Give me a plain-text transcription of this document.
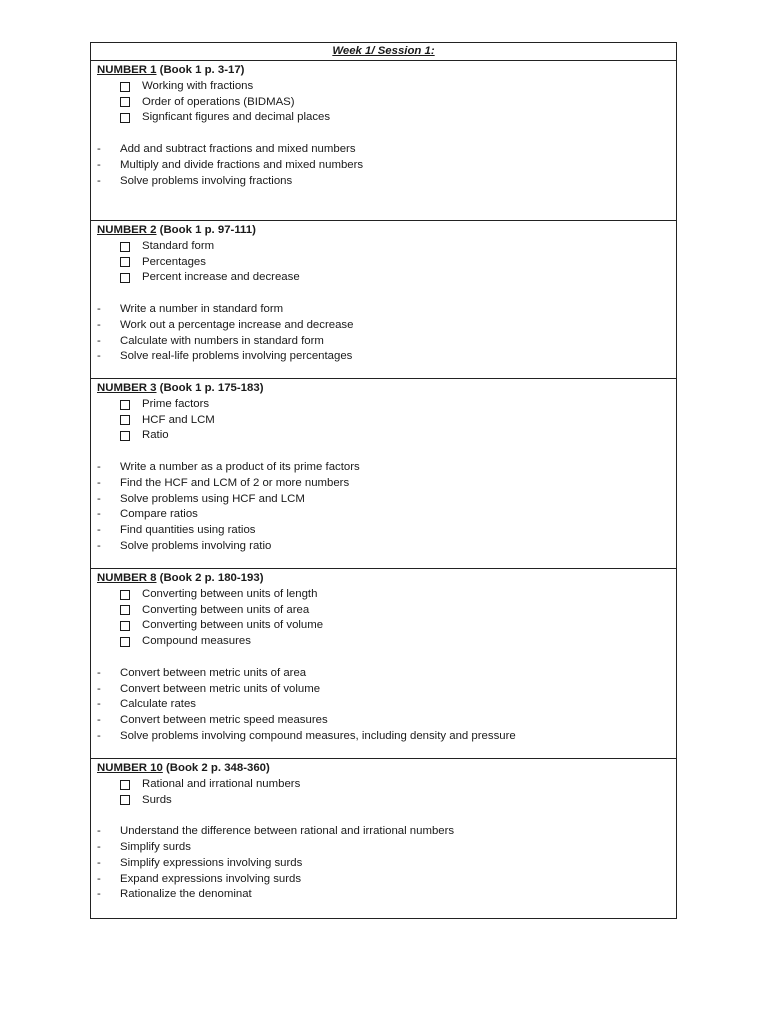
Week 1/ Session 1:
NUMBER 1 (Book 1 p. 3-17)
Working with fractions
Order of operations (BIDMAS)
Signficant figures and decimal places
-	Add and subtract fractions and mixed numbers
-	Multiply and divide fractions and mixed numbers
-	Solve problems involving fractions
NUMBER 2 (Book 1 p. 97-111)
Standard form
Percentages
Percent increase and decrease
-	Write a number in standard form
-	Work out a percentage increase and decrease
-	Calculate with numbers in standard form
-	Solve real-life problems involving percentages
NUMBER 3 (Book 1 p. 175-183)
Prime factors
HCF and LCM
Ratio
-	Write a number as a product of its prime factors
-	Find the HCF and LCM of 2 or more numbers
-	Solve problems using HCF and LCM
-	Compare ratios
-	Find quantities using ratios
-	Solve problems involving ratio
NUMBER 8 (Book 2 p. 180-193)
Converting between units of length
Converting between units of area
Converting between units of volume
Compound measures
-	Convert between metric units of area
-	Convert between metric units of volume
-	Calculate rates
-	Convert between metric speed measures
-	Solve problems involving compound measures, including density and pressure
NUMBER 10 (Book 2 p. 348-360)
Rational and irrational numbers
Surds
-	Understand the difference between rational and irrational numbers
-	Simplify surds
-	Simplify expressions involving surds
-	Expand expressions involving surds
-	Rationalize the denominat
